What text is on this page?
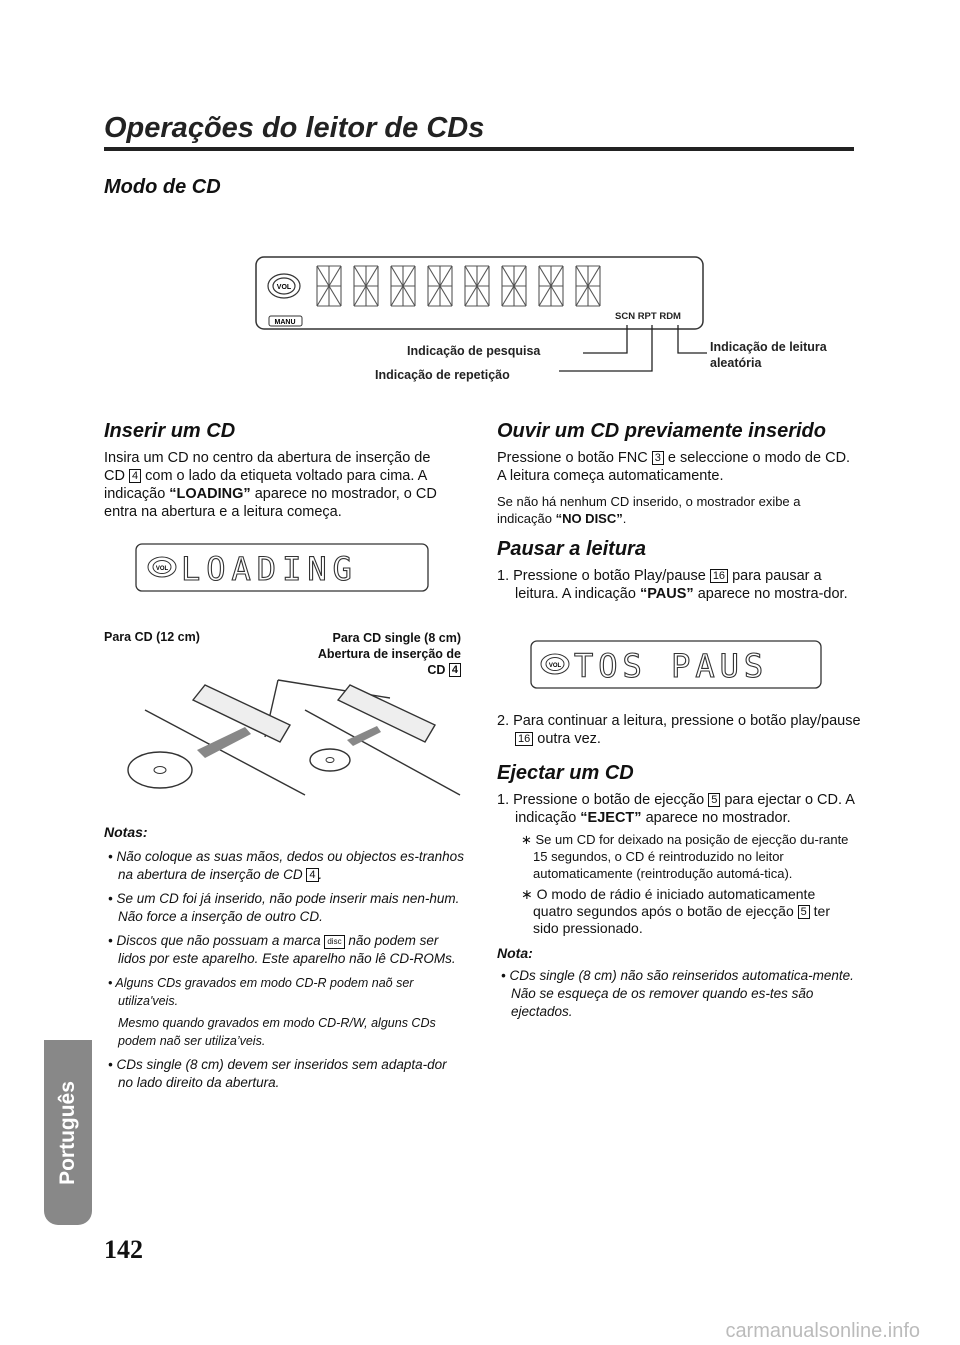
Operações do leitor de CDs
Modo de CD
VOL
MANU
SCN RPT RDM
Indicação de pesquisa
Indicação de repetição
Indicação de leitura
aleatória
Inserir um CD

Insira um CD no centro da abertura de inserção de

CD 4 com o lado da etiqueta voltado para cima. A

indicação “LOADING” aparece no mostrador, o CD

entra na abertura e a leitura começa.

VOL LOADING
Para CD (12 cm)	Para CD single (8 cm)
Abertura de inserção de
CD 4
Notas:
• Não coloque as suas mãos, dedos ou objectos es-tranhos na abertura de inserção de CD 4 .
• Se um CD foi já inserido, não pode inserir mais nen-hum. Não force a inserção de outro CD.
• Discos que não possuam a marca disc não podem ser lidos por este aparelho. Este aparelho não lê CD-ROMs.
• Alguns CDs gravados em modo CD-R podem naõ ser utiliza'veis.
Mesmo quando gravados em modo CD-R/W, alguns CDs podem naõ ser utiliza’veis.
• CDs single (8 cm) devem ser inseridos sem adapta-dor no lado direito da abertura.
Ouvir um CD previamente inserido
Pressione o botão FNC 3 e seleccione o modo de CD. A leitura começa automaticamente.
Se não há nenhum CD inserido, o mostrador exibe a indicação “NO DISC”.
Pausar a leitura
1. Pressione o botão Play/pause 16 para pausar a leitura. A indicação “PAUS” aparece no mostra-dor.
VOL TOS PAUS
2. Para continuar a leitura, pressione o botão play/pause 16 outra vez.
Ejectar um CD
1. Pressione o botão de ejecção 5 para ejectar o CD. A indicação “EJECT” aparece no mostrador.
∗ Se um CD for deixado na posição de ejecção du-rante 15 segundos, o CD é reintroduzido no leitor automaticamente (reintrodução automá-tica).
∗ O modo de rádio é iniciado automaticamente quatro segundos após o botão de ejecção 5 ter sido pressionado.
Nota:
• CDs single (8 cm) não são reinseridos automatica-mente. Não se esqueça de os remover quando es-tes são ejectados.
Português
142
carmanualsonline.info
